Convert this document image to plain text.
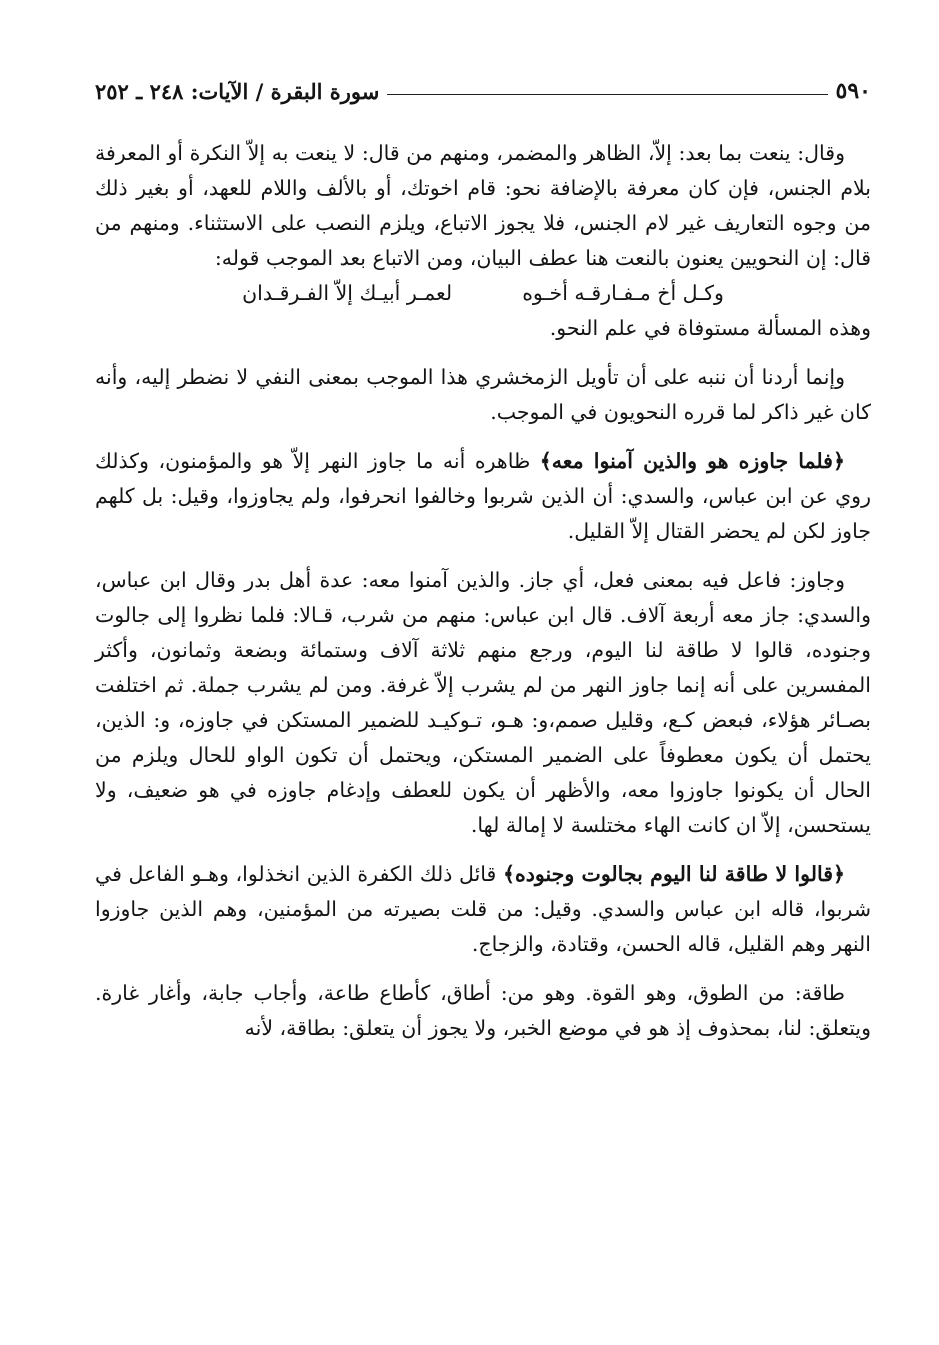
٥٩٠
سورة البقرة / الآيات: ٢٤٨ ـ ٢٥٢

وقال: ينعت بما بعد: إلاّ، الظاهر والمضمر، ومنهم من قال: لا ينعت به إلاّ النكرة أو المعرفة بلام الجنس، فإن كان معرفة بالإضافة نحو: قام اخوتك، أو بالألف واللام للعهد، أو بغير ذلك من وجوه التعاريف غير لام الجنس، فلا يجوز الاتباع، ويلزم النصب على الاستثناء. ومنهم من قال: إن النحويين يعنون بالنعت هنا عطف البيان، ومن الاتباع بعد الموجب قوله:

وكـل أخ مـفـارقـه أخـوه
لعمـر أبيـك إلاّ الفـرقـدان

وهذه المسألة مستوفاة في علم النحو.

وإنما أردنا أن ننبه على أن تأويل الزمخشري هذا الموجب بمعنى النفي لا نضطر إليه، وأنه كان غير ذاكر لما قرره النحويون في الموجب.

﴿فلما جاوزه هو والذين آمنوا معه﴾ ظاهره أنه ما جاوز النهر إلاّ هو والمؤمنون، وكذلك روي عن ابن عباس، والسدي: أن الذين شربوا وخالفوا انحرفوا، ولم يجاوزوا، وقيل: بل كلهم جاوز لكن لم يحضر القتال إلاّ القليل.

وجاوز: فاعل فيه بمعنى فعل، أي جاز. والذين آمنوا معه: عدة أهل بدر وقال ابن عباس، والسدي: جاز معه أربعة آلاف. قال ابن عباس: منهم من شرب، قـالا: فلما نظروا إلى جالوت وجنوده، قالوا لا طاقة لنا اليوم، ورجع منهم ثلاثة آلاف وستمائة وبضعة وثمانون، وأكثر المفسرين على أنه إنما جاوز النهر من لم يشرب إلاّ غرفة. ومن لم يشرب جملة. ثم اختلفت بصـائر هؤلاء، فبعض كـع، وقليل صمم،و: هـو، تـوكيـد للضمير المستكن في جاوزه، و: الذين، يحتمل أن يكون معطوفاً على الضمير المستكن، ويحتمل أن تكون الواو للحال ويلزم من الحال أن يكونوا جاوزوا معه، والأظهر أن يكون للعطف وإدغام جاوزه في هو ضعيف، ولا يستحسن، إلاّ ان كانت الهاء مختلسة لا إمالة لها.

﴿قالوا لا طاقة لنا اليوم بجالوت وجنوده﴾ قائل ذلك الكفرة الذين انخذلوا، وهـو الفاعل في شربوا، قاله ابن عباس والسدي. وقيل: من قلت بصيرته من المؤمنين، وهم الذين جاوزوا النهر وهم القليل، قاله الحسن، وقتادة، والزجاج.

طاقة: من الطوق، وهو القوة. وهو من: أطاق، كأطاع طاعة، وأجاب جابة، وأغار غارة. ويتعلق: لنا، بمحذوف إذ هو في موضع الخبر، ولا يجوز أن يتعلق: بطاقة، لأنه
